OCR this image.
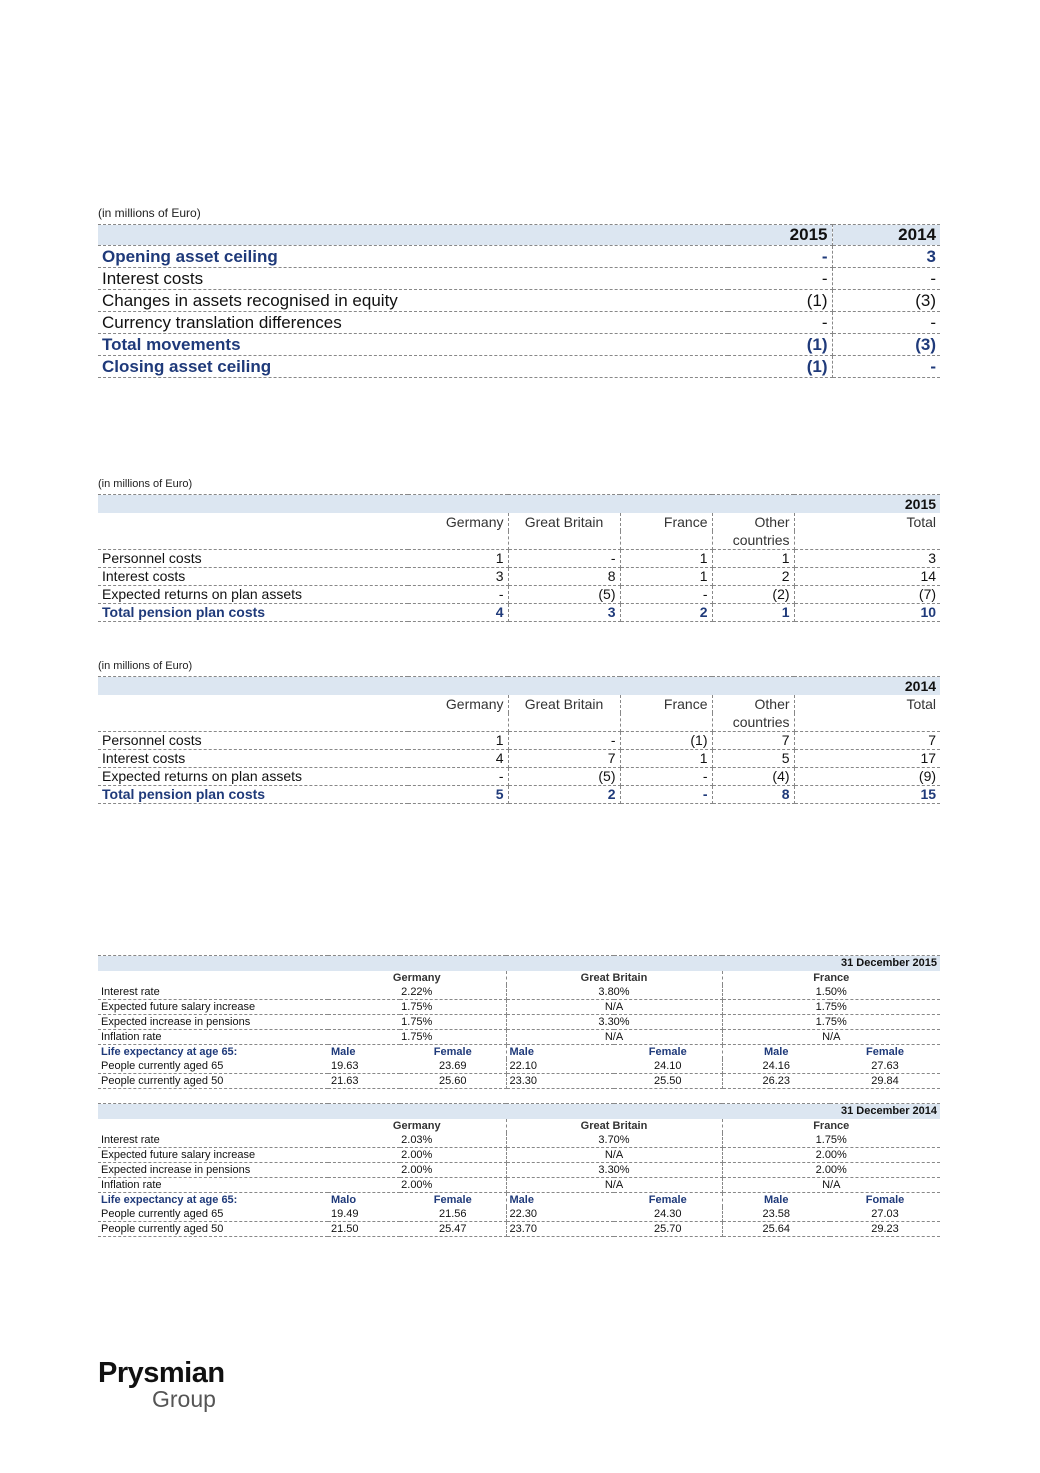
(in millions of Euro)
	2015	2014
Opening asset ceiling	-	3
Interest costs	-	-
Changes in assets recognised in equity	(1)	(3)
Currency translation differences	-	-
Total movements	(1)	(3)
Closing asset ceiling	(1)	-
(in millions of Euro)
					2015
	Germany	Great Britain	France	Other	Total
				countries	
Personnel costs	1	-	1	1	3
Interest costs	3	8	1	2	14
Expected returns on plan assets	-	(5)	-	(2)	(7)
Total pension plan costs	4	3	2	1	10
(in millions of Euro)
					2014
	Germany	Great Britain	France	Other	Total
				countries	
Personnel costs	1	-	(1)	7	7
Interest costs	4	7	1	5	17
Expected returns on plan assets	-	(5)	-	(4)	(9)
Total pension plan costs	5	2	-	8	15
						31 December 2015
	Germany		Great Britain		France	
Interest rate	2.22%		3.80%		1.50%	
Expected future salary increase	1.75%		N/A		1.75%	
Expected increase in pensions	1.75%		3.30%		1.75%	
Inflation rate	1.75%		N/A		N/A	
Life expectancy at age 65:	Male	Female	Male	Female	Male	Female
People currently aged 65	19.63	23.69	22.10	24.10	24.16	27.63
People currently aged 50	21.63	25.60	23.30	25.50	26.23	29.84
						31 December 2014
	Germany		Great Britain		France	
Interest rate	2.03%		3.70%		1.75%	
Expected future salary increase	2.00%		N/A		2.00%	
Expected increase in pensions	2.00%		3.30%		2.00%	
Inflation rate	2.00%		N/A		N/A	
Life expectancy at age 65:	Malo	Female	Male	Female	Male	Fomale
People currently aged 65	19.49	21.56	22.30	24.30	23.58	27.03
People currently aged 50	21.50	25.47	23.70	25.70	25.64	29.23
Prysmian
Group
